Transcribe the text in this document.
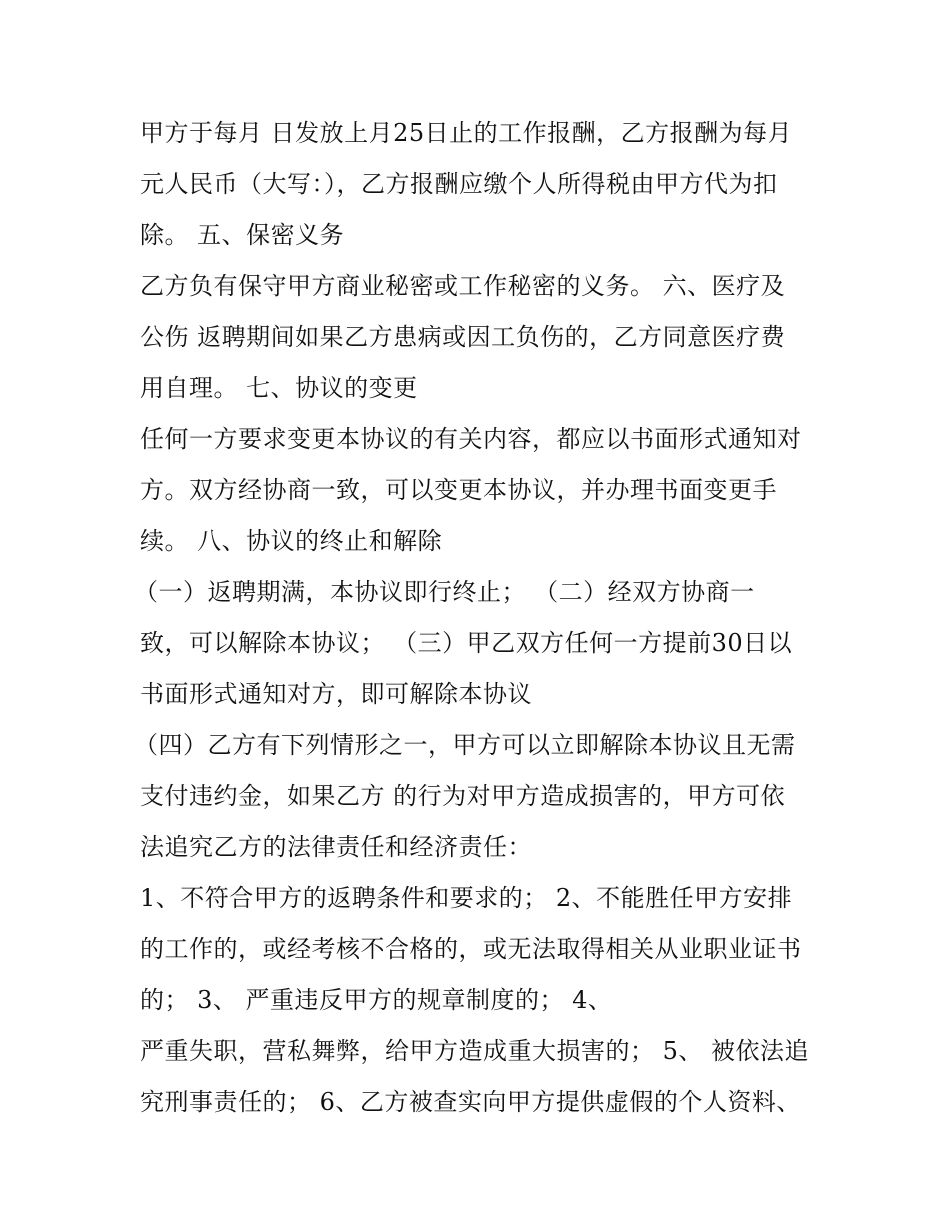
甲方于每月 日发放上月25日止的工作报酬，乙方报酬为每月
元人民币（大写：），乙方报酬应缴个人所得税由甲方代为扣
除。 五、保密义务
乙方负有保守甲方商业秘密或工作秘密的义务。 六、医疗及
公伤 返聘期间如果乙方患病或因工负伤的，乙方同意医疗费
用自理。 七、协议的变更
任何一方要求变更本协议的有关内容，都应以书面形式通知对
方。双方经协商一致，可以变更本协议，并办理书面变更手
续。 八、协议的终止和解除
（一）返聘期满，本协议即行终止； （二）经双方协商一
致，可以解除本协议； （三）甲乙双方任何一方提前30日以
书面形式通知对方，即可解除本协议
（四）乙方有下列情形之一，甲方可以立即解除本协议且无需
支付违约金，如果乙方 的行为对甲方造成损害的，甲方可依
法追究乙方的法律责任和经济责任：
1、不符合甲方的返聘条件和要求的； 2、不能胜任甲方安排
的工作的，或经考核不合格的，或无法取得相关从业职业证书
的； 3、 严重违反甲方的规章制度的； 4、
严重失职，营私舞弊，给甲方造成重大损害的； 5、 被依法追
究刑事责任的； 6、乙方被查实向甲方提供虚假的个人资料、
